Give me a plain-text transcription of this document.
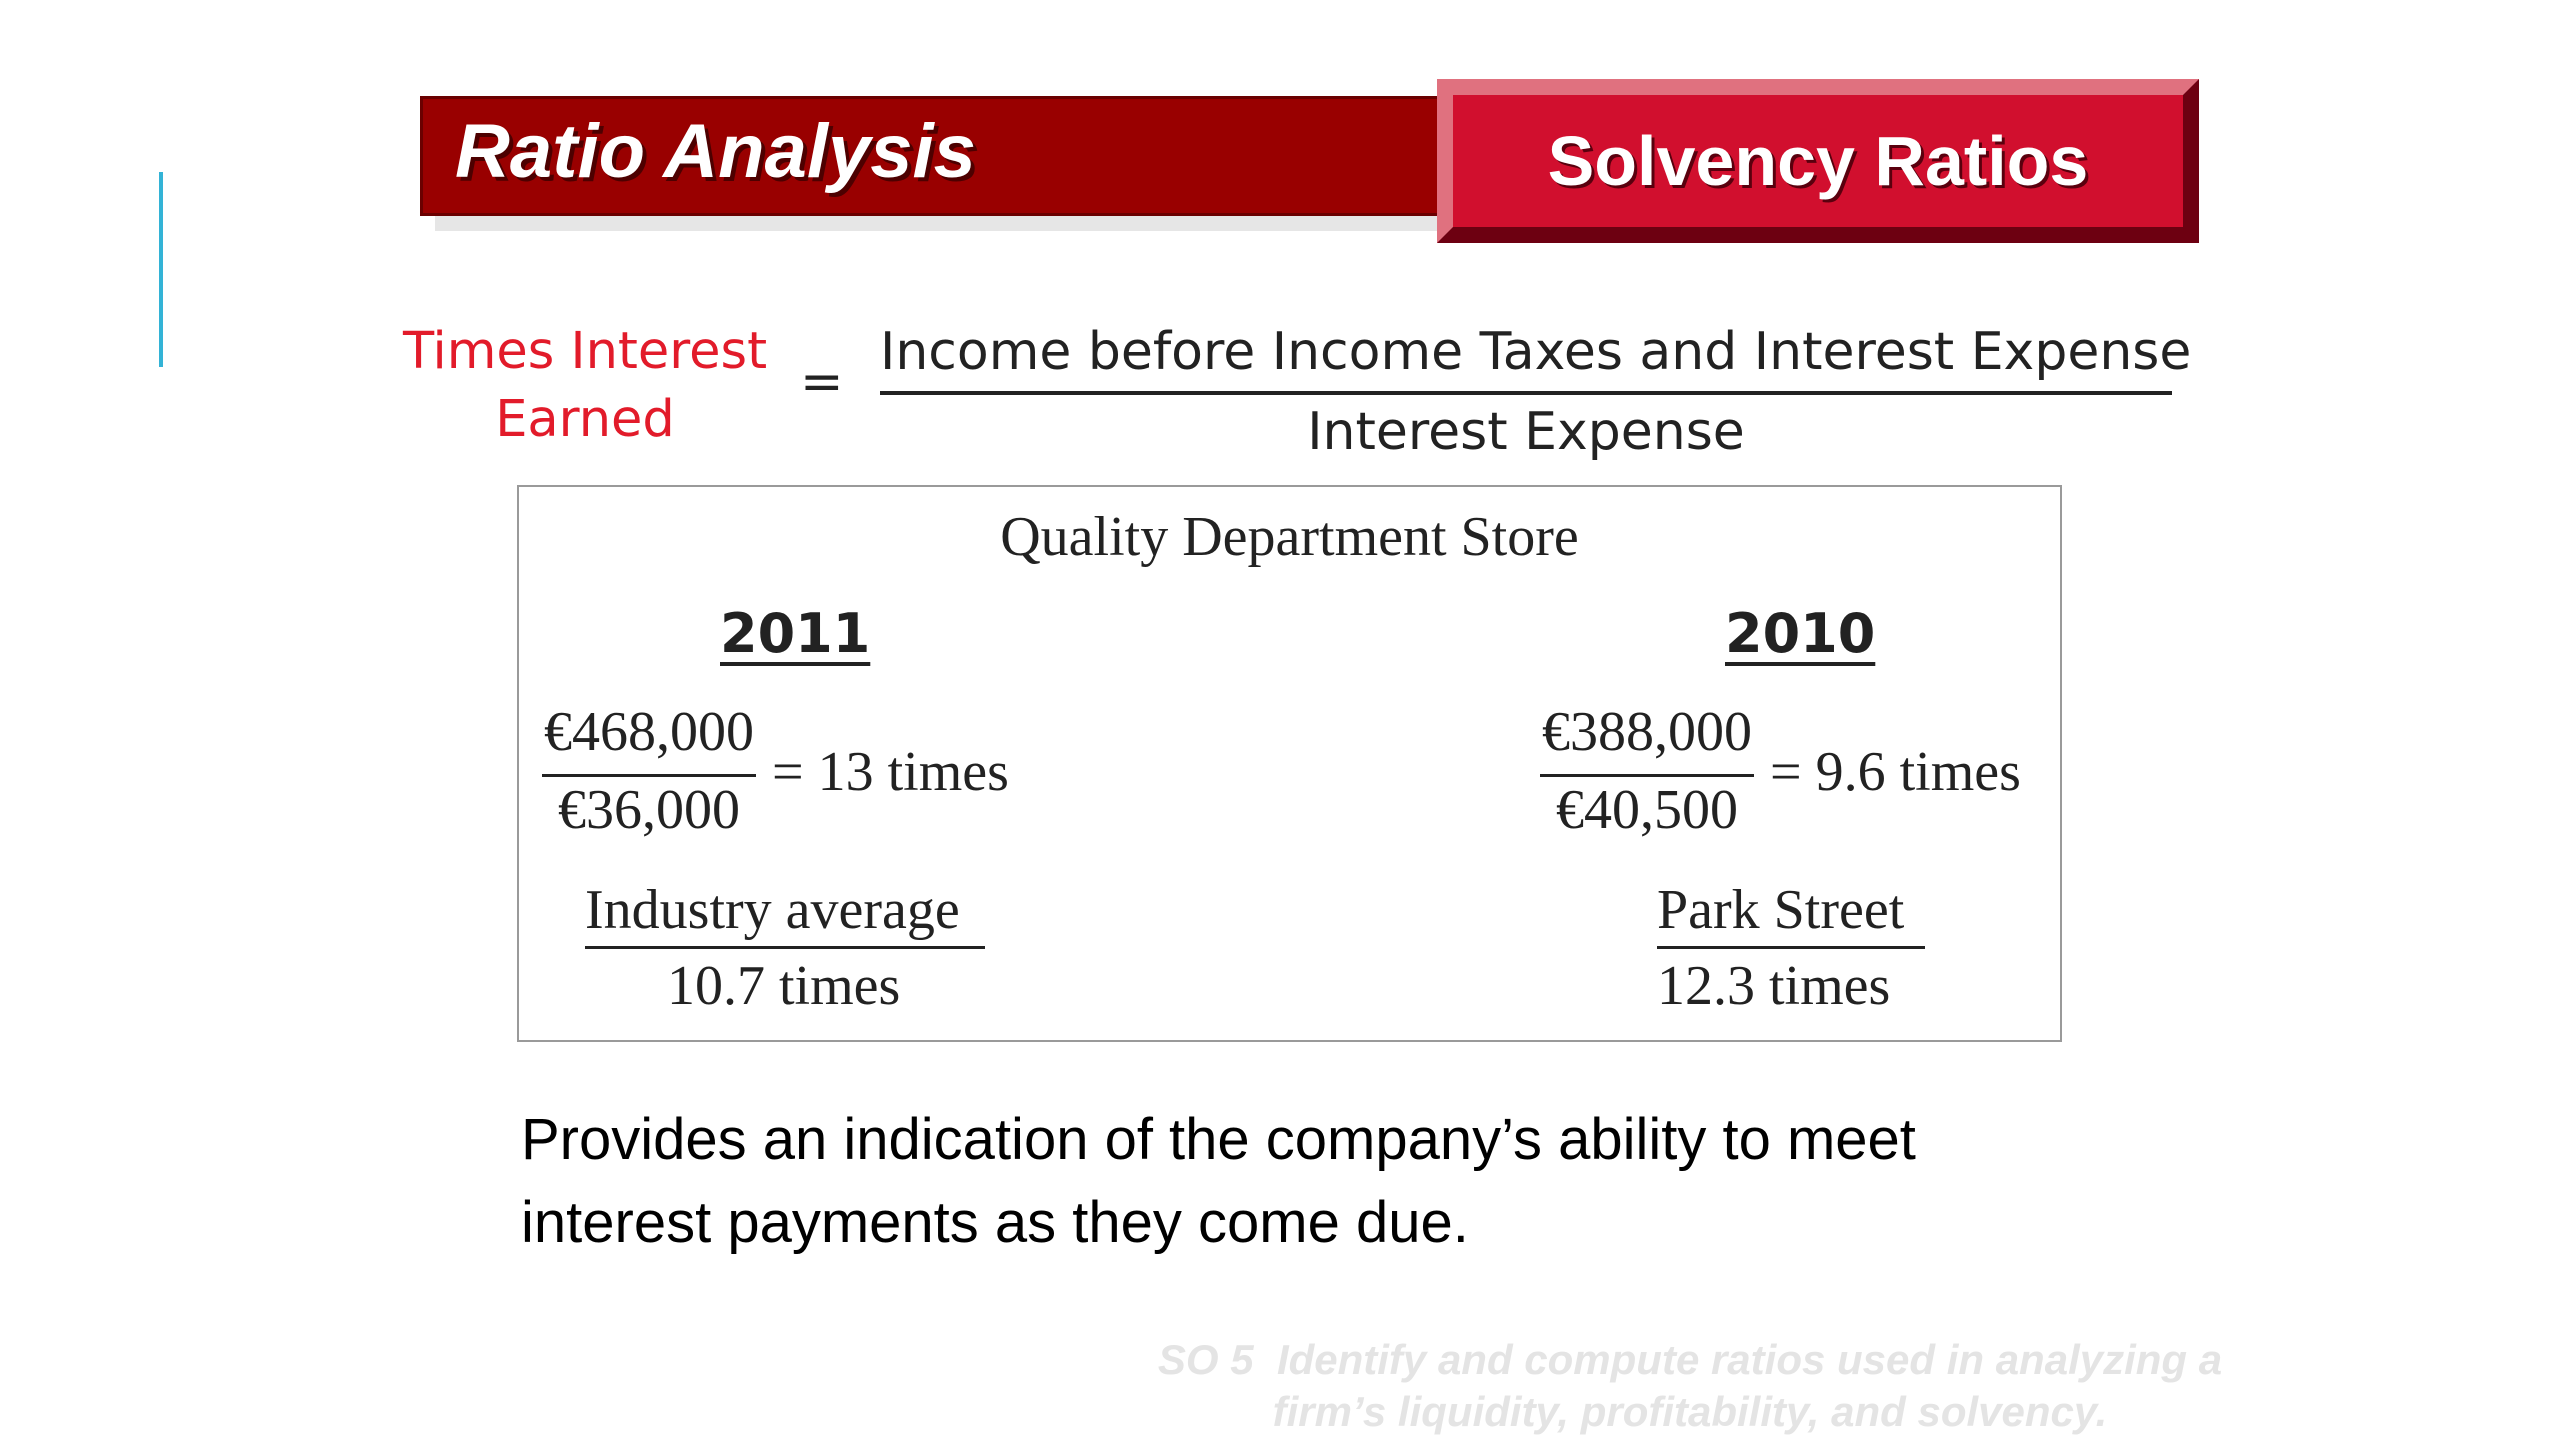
Ratio Analysis	Solvency Ratios
Times Interest
Earned
= Income before Income Taxes and Interest Expense
Interest Expense
Quality Department Store
2011	2010
€468,000
€36,000
= 13 times
€388,000
€40,500
= 9.6 times
Industry average
10.7 times
Park Street
12.3 times
Provides an indication of the company’s ability to meet
interest payments as they come due.
SO 5  Identify and compute ratios used in analyzing a
firm’s liquidity, profitability, and solvency.
